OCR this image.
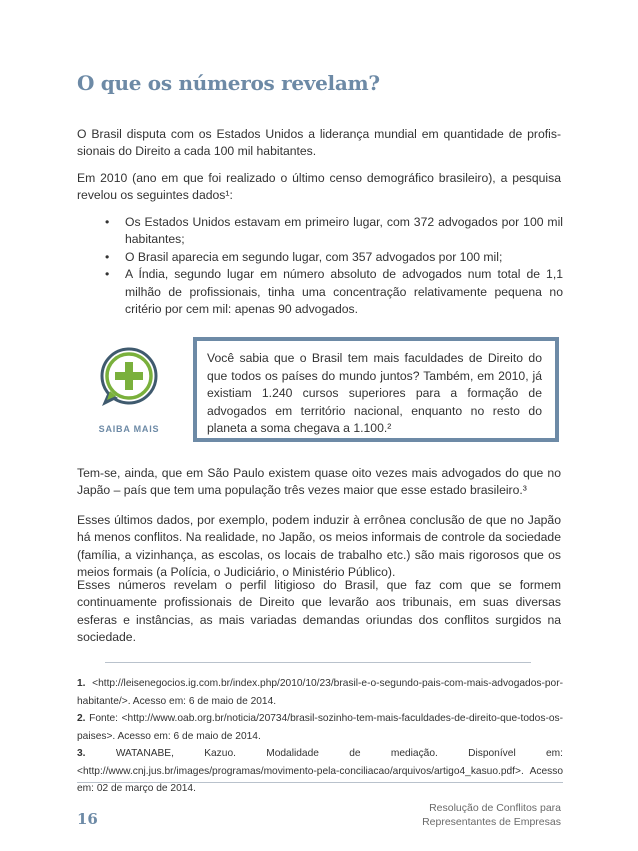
O que os números revelam?

O Brasil disputa com os Estados Unidos a liderança mundial em quantidade de profissionais do Direito a cada 100 mil habitantes.

Em 2010 (ano em que foi realizado o último censo demográfico brasileiro), a pesquisa revelou os seguintes dados¹:

• Os Estados Unidos estavam em primeiro lugar, com 372 advogados por 100 mil habitantes;
• O Brasil aparecia em segundo lugar, com 357 advogados por 100 mil;
• A Índia, segundo lugar em número absoluto de advogados num total de 1,1 milhão de profissionais, tinha uma concentração relativamente pequena no critério por cem mil: apenas 90 advogados.
SAIBA MAIS

Você sabia que o Brasil tem mais faculdades de Direito do que todos os países do mundo juntos? Também, em 2010, já existiam 1.240 cursos superiores para a formação de advogados em território nacional, enquanto no resto do planeta a soma chegava a 1.100.²

Tem-se, ainda, que em São Paulo existem quase oito vezes mais advogados do que no Japão – país que tem uma população três vezes maior que esse estado brasileiro.³

Esses últimos dados, por exemplo, podem induzir à errônea conclusão de que no Japão há menos conflitos. Na realidade, no Japão, os meios informais de controle da sociedade (família, a vizinhança, as escolas, os locais de trabalho etc.) são mais rigorosos que os meios formais (a Polícia, o Judiciário, o Ministério Público).

Esses números revelam o perfil litigioso do Brasil, que faz com que se formem continuamente profissionais de Direito que levarão aos tribunais, em suas diversas esferas e instâncias, as mais variadas demandas oriundas dos conflitos surgidos na sociedade.

1. <http://leisenegocios.ig.com.br/index.php/2010/10/23/brasil-e-o-segundo-pais-com-mais-advogados-por-habitante/>. Acesso em: 6 de maio de 2014.

2. Fonte: <http://www.oab.org.br/noticia/20734/brasil-sozinho-tem-mais-faculdades-de-direito-que-todos-os-paises>. Acesso em: 6 de maio de 2014.

3.	WATANABE, Kazuo. Modalidade de mediação. Disponível em: <http://www.cnj.jus.br/images/programas/movimento-pela-conciliacao/arquivos/artigo4_kasuo.pdf>. Acesso em: 02 de março de 2014.

16

Resolução de Conflitos para
Representantes de Empresas
